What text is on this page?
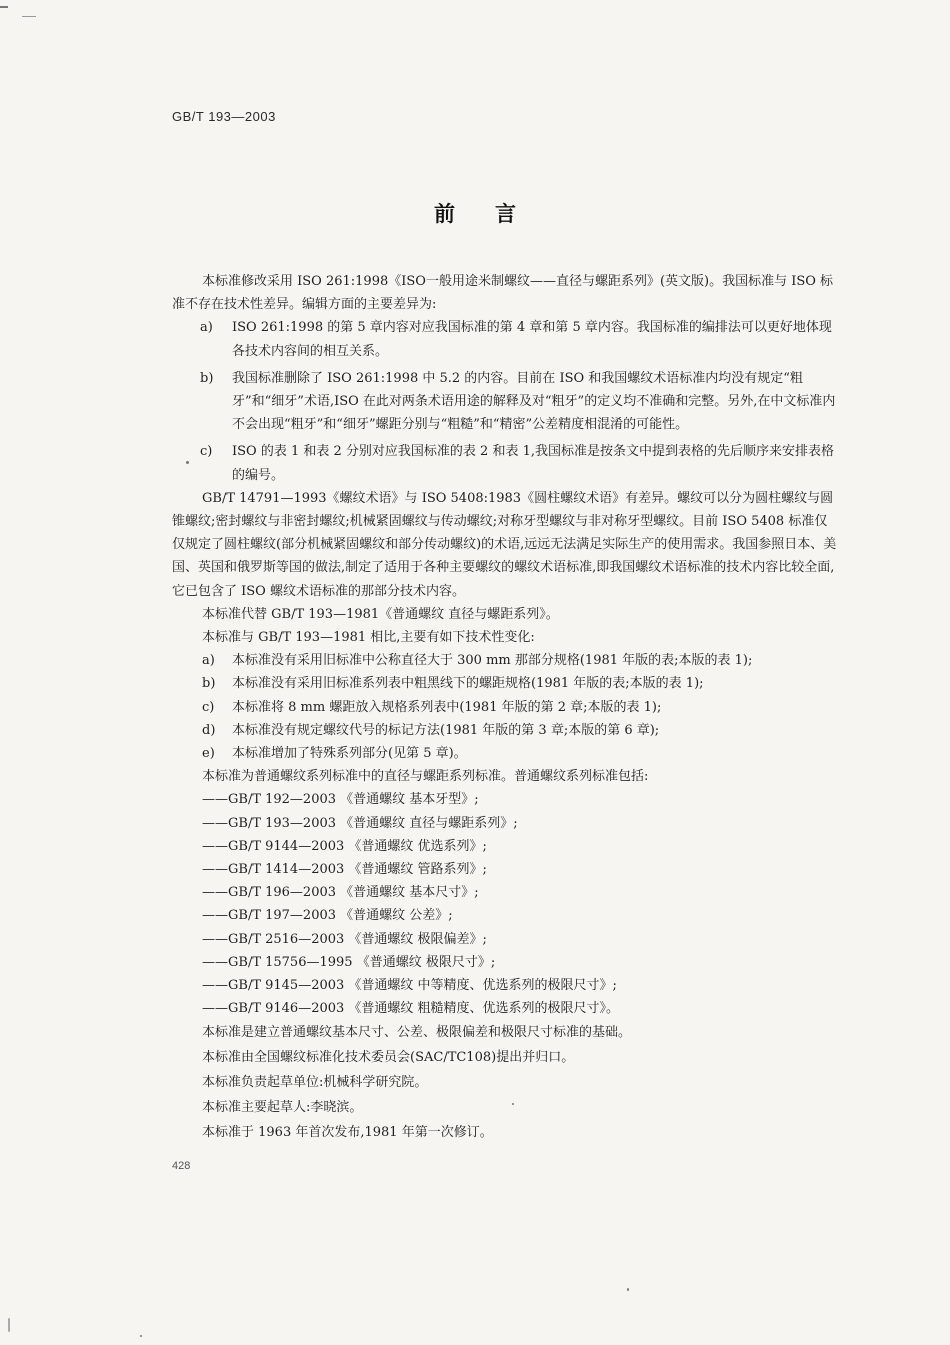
GB/T 193—2003
前言

本标准修改采用 ISO 261:1998《ISO一般用途米制螺纹——直径与螺距系列》(英文版)。我国标准与 ISO 标准不存在技术性差异。编辑方面的主要差异为:

a) ISO 261:1998 的第 5 章内容对应我国标准的第 4 章和第 5 章内容。我国标准的编排法可以更好地体现各技术内容间的相互关系。
b) 我国标准删除了 ISO 261:1998 中 5.2 的内容。目前在 ISO 和我国螺纹术语标准内均没有规定“粗牙”和“细牙”术语,ISO 在此对两条术语用途的解释及对“粗牙”的定义均不准确和完整。另外,在中文标准内不会出现“粗牙”和“细牙”螺距分别与“粗糙”和“精密”公差精度相混淆的可能性。
c) ISO 的表 1 和表 2 分别对应我国标准的表 2 和表 1,我国标准是按条文中提到表格的先后顺序来安排表格的编号。

GB/T 14791—1993《螺纹术语》与 ISO 5408:1983《圆柱螺纹术语》有差异。螺纹可以分为圆柱螺纹与圆锥螺纹;密封螺纹与非密封螺纹;机械紧固螺纹与传动螺纹;对称牙型螺纹与非对称牙型螺纹。目前 ISO 5408 标准仅仅规定了圆柱螺纹(部分机械紧固螺纹和部分传动螺纹)的术语,远远无法满足实际生产的使用需求。我国参照日本、美国、英国和俄罗斯等国的做法,制定了适用于各种主要螺纹的螺纹术语标准,即我国螺纹术语标准的技术内容比较全面,它已包含了 ISO 螺纹术语标准的那部分技术内容。

本标准代替 GB/T 193—1981《普通螺纹 直径与螺距系列》。

本标准与 GB/T 193—1981 相比,主要有如下技术性变化:

a) 本标准没有采用旧标准中公称直径大于 300 mm 那部分规格(1981 年版的表;本版的表 1);
b) 本标准没有采用旧标准系列表中粗黑线下的螺距规格(1981 年版的表;本版的表 1);
c) 本标准将 8 mm 螺距放入规格系列表中(1981 年版的第 2 章;本版的表 1);
d) 本标准没有规定螺纹代号的标记方法(1981 年版的第 3 章;本版的第 6 章);
e) 本标准增加了特殊系列部分(见第 5 章)。

本标准为普通螺纹系列标准中的直径与螺距系列标准。普通螺纹系列标准包括:

——GB/T 192—2003 《普通螺纹 基本牙型》;

——GB/T 193—2003 《普通螺纹 直径与螺距系列》;

——GB/T 9144—2003 《普通螺纹 优选系列》;

——GB/T 1414—2003 《普通螺纹 管路系列》;

——GB/T 196—2003 《普通螺纹 基本尺寸》;

——GB/T 197—2003 《普通螺纹 公差》;

——GB/T 2516—2003 《普通螺纹 极限偏差》;

——GB/T 15756—1995 《普通螺纹 极限尺寸》;

——GB/T 9145—2003 《普通螺纹 中等精度、优选系列的极限尺寸》;

——GB/T 9146—2003 《普通螺纹 粗糙精度、优选系列的极限尺寸》。

本标准是建立普通螺纹基本尺寸、公差、极限偏差和极限尺寸标准的基础。

本标准由全国螺纹标准化技术委员会(SAC/TC108)提出并归口。

本标准负责起草单位:机械科学研究院。

本标准主要起草人:李晓滨。

本标准于 1963 年首次发布,1981 年第一次修订。

428
